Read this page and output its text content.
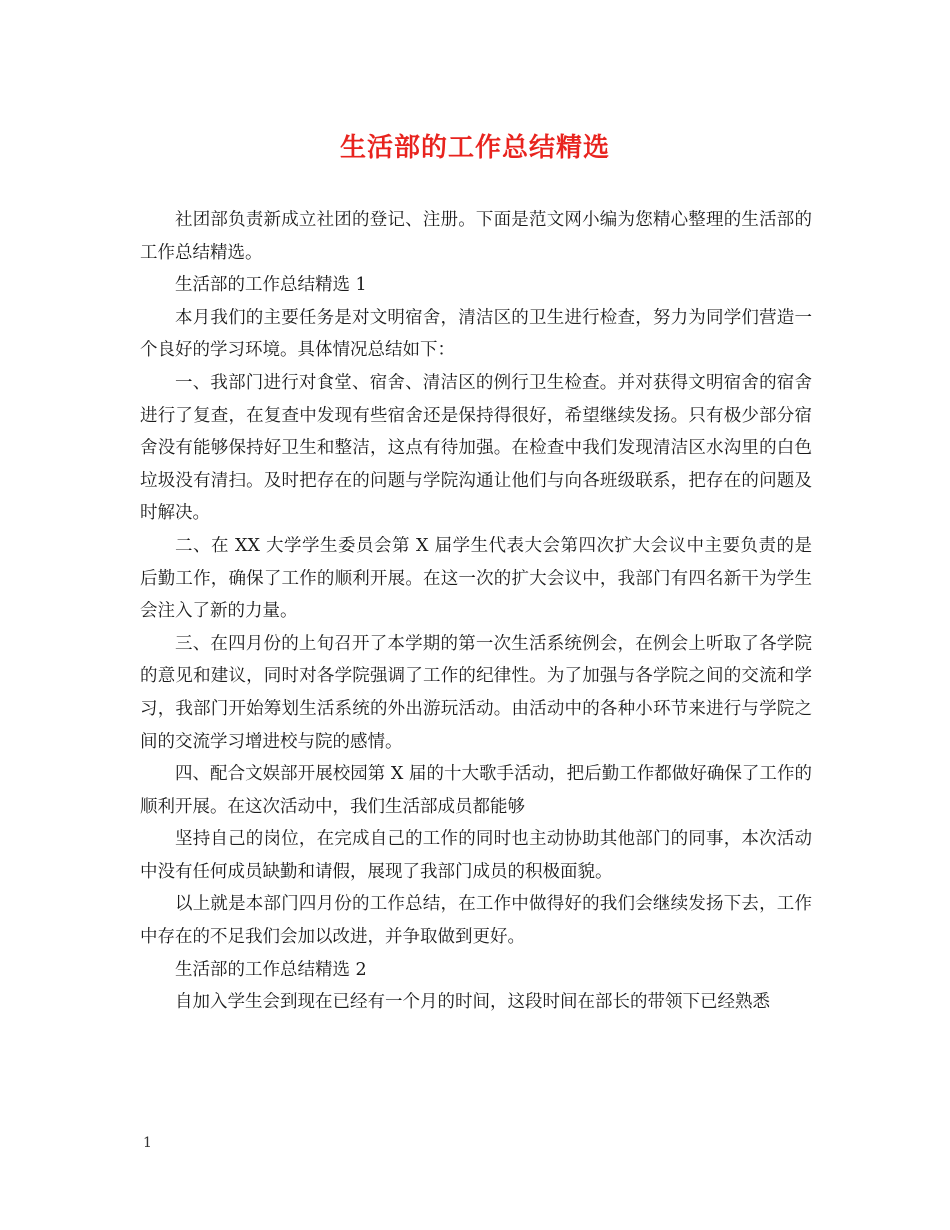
生活部的工作总结精选

社团部负责新成立社团的登记、注册。下面是范文网小编为您精心整理的生活部的工作总结精选。

生活部的工作总结精选 1

本月我们的主要任务是对文明宿舍，清洁区的卫生进行检查，努力为同学们营造一个良好的学习环境。具体情况总结如下：

一、我部门进行对食堂、宿舍、清洁区的例行卫生检查。并对获得文明宿舍的宿舍进行了复查，在复查中发现有些宿舍还是保持得很好，希望继续发扬。只有极少部分宿舍没有能够保持好卫生和整洁，这点有待加强。在检查中我们发现清洁区水沟里的白色垃圾没有清扫。及时把存在的问题与学院沟通让他们与向各班级联系，把存在的问题及时解决。

二、在 XX 大学学生委员会第 X 届学生代表大会第四次扩大会议中主要负责的是后勤工作，确保了工作的顺利开展。在这一次的扩大会议中，我部门有四名新干为学生会注入了新的力量。

三、在四月份的上旬召开了本学期的第一次生活系统例会，在例会上听取了各学院的意见和建议，同时对各学院强调了工作的纪律性。为了加强与各学院之间的交流和学习，我部门开始筹划生活系统的外出游玩活动。由活动中的各种小环节来进行与学院之间的交流学习增进校与院的感情。

四、配合文娱部开展校园第 X 届的十大歌手活动，把后勤工作都做好确保了工作的顺利开展。在这次活动中，我们生活部成员都能够

坚持自己的岗位，在完成自己的工作的同时也主动协助其他部门的同事，本次活动中没有任何成员缺勤和请假，展现了我部门成员的积极面貌。

以上就是本部门四月份的工作总结，在工作中做得好的我们会继续发扬下去，工作中存在的不足我们会加以改进，并争取做到更好。

生活部的工作总结精选 2

自加入学生会到现在已经有一个月的时间，这段时间在部长的带领下已经熟悉

1
